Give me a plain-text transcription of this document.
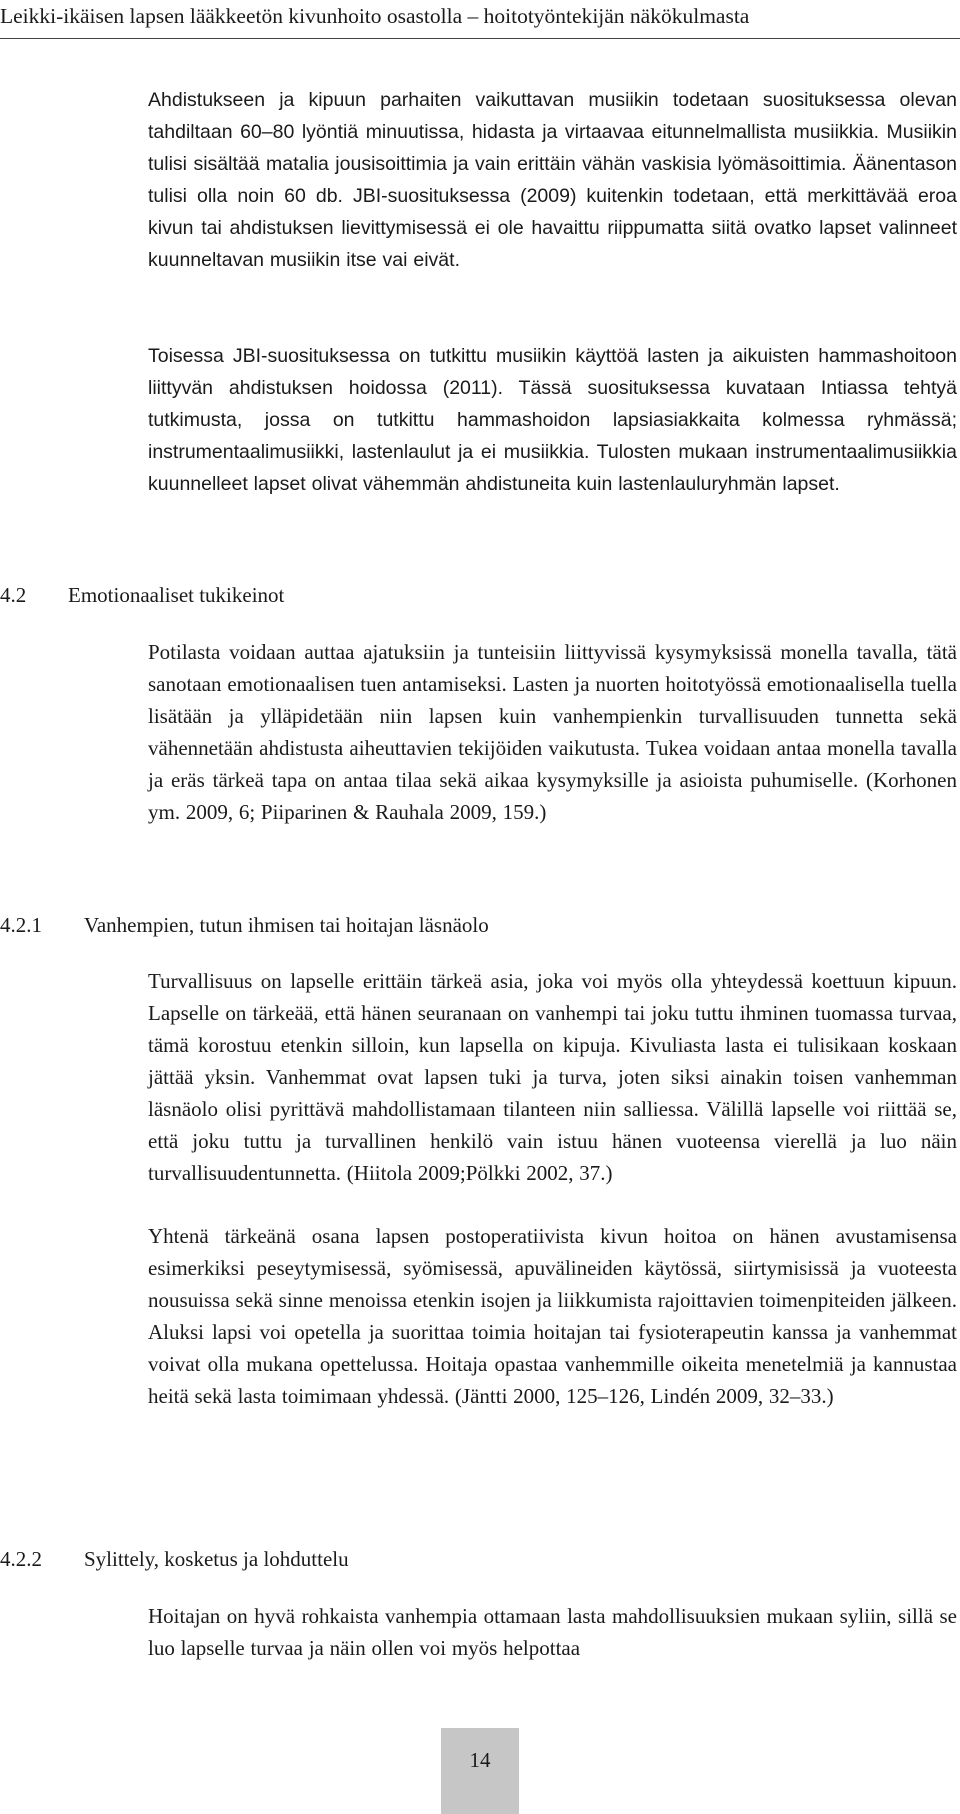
Leikki-ikäisen lapsen lääkkeetön kivunhoito osastolla – hoitotyöntekijän näkökulmasta
Ahdistukseen ja kipuun parhaiten vaikuttavan musiikin todetaan suosituksessa olevan tahdiltaan 60–80 lyöntiä minuutissa, hidasta ja virtaavaa eitunnelmallista musiikkia. Musiikin tulisi sisältää matalia jousisoittimia ja vain erittäin vähän vaskisia lyömäsoittimia. Äänentason tulisi olla noin 60 db. JBI-suosituksessa (2009) kuitenkin todetaan, että merkittävää eroa kivun tai ahdistuksen lievittymisessä ei ole havaittu riippumatta siitä ovatko lapset valinneet kuunneltavan musiikin itse vai eivät.
Toisessa JBI-suosituksessa on tutkittu musiikin käyttöä lasten ja aikuisten hammashoitoon liittyvän ahdistuksen hoidossa (2011). Tässä suosituksessa kuvataan Intiassa tehtyä tutkimusta, jossa on tutkittu hammashoidon lapsiasiakkaita kolmessa ryhmässä; instrumentaalimusiikki, lastenlaulut ja ei musiikkia. Tulosten mukaan instrumentaalimusiikkia kuunnelleet lapset olivat vähemmän ahdistuneita kuin lastenlauluryhmän lapset.
4.2 Emotionaaliset tukikeinot
Potilasta voidaan auttaa ajatuksiin ja tunteisiin liittyvissä kysymyksissä monella tavalla, tätä sanotaan emotionaalisen tuen antamiseksi. Lasten ja nuorten hoitotyössä emotionaalisella tuella lisätään ja ylläpidetään niin lapsen kuin vanhempienkin turvallisuuden tunnetta sekä vähennetään ahdistusta aiheuttavien tekijöiden vaikutusta. Tukea voidaan antaa monella tavalla ja eräs tärkeä tapa on antaa tilaa sekä aikaa kysymyksille ja asioista puhumiselle. (Korhonen ym. 2009, 6; Piiparinen & Rauhala 2009, 159.)
4.2.1 Vanhempien, tutun ihmisen tai hoitajan läsnäolo
Turvallisuus on lapselle erittäin tärkeä asia, joka voi myös olla yhteydessä koettuun kipuun. Lapselle on tärkeää, että hänen seuranaan on vanhempi tai joku tuttu ihminen tuomassa turvaa, tämä korostuu etenkin silloin, kun lapsella on kipuja. Kivuliasta lasta ei tulisikaan koskaan jättää yksin. Vanhemmat ovat lapsen tuki ja turva, joten siksi ainakin toisen vanhemman läsnäolo olisi pyrittävä mahdollistamaan tilanteen niin salliessa. Välillä lapselle voi riittää se, että joku tuttu ja turvallinen henkilö vain istuu hänen vuoteensa vierellä ja luo näin turvallisuudentunnetta. (Hiitola 2009;Pölkki 2002, 37.)
Yhtenä tärkeänä osana lapsen postoperatiivista kivun hoitoa on hänen avustamisensa esimerkiksi peseytymisessä, syömisessä, apuvälineiden käytössä, siirtymisissä ja vuoteesta nousuissa sekä sinne menoissa etenkin isojen ja liikkumista rajoittavien toimenpiteiden jälkeen. Aluksi lapsi voi opetella ja suorittaa toimia hoitajan tai fysioterapeutin kanssa ja vanhemmat voivat olla mukana opettelussa. Hoitaja opastaa vanhemmille oikeita menetelmiä ja kannustaa heitä sekä lasta toimimaan yhdessä. (Jäntti 2000, 125–126, Lindén 2009, 32–33.)
4.2.2 Sylittely, kosketus ja lohduttelu
Hoitajan on hyvä rohkaista vanhempia ottamaan lasta mahdollisuuksien mukaan syliin, sillä se luo lapselle turvaa ja näin ollen voi myös helpottaa
14
